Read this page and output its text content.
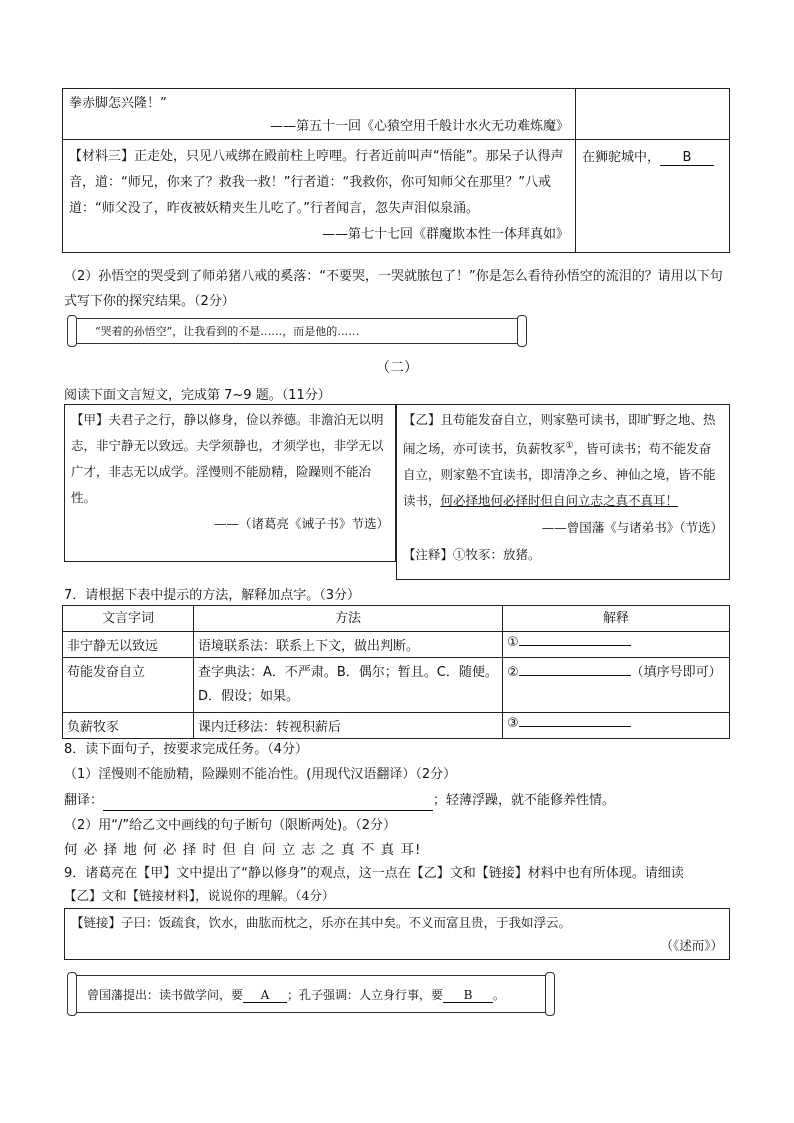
拳赤脚怎兴隆！”
——第五十一回《心猿空用千般计水火无功难炼魔》	

【材料三】正走处，只见八戒绑在殿前柱上哼哩。行者近前叫声“悟能”。那呆子认得声音，道：“师兄，你来了？救我一救！”行者道：“我救你，你可知师父在那里？”八戒道：“师父没了，昨夜被妖精夹生儿吃了。”行者闻言，忽失声泪似泉涌。
——第七十七回《群魔欺本性一体拜真如》	在狮驼城中， B
（2）孙悟空的哭受到了师弟猪八戒的奚落：“不要哭，一哭就脓包了！”你是怎么看待孙悟空的流泪的？请用以下句式写下你的探究结果。（2分）
“哭着的孙悟空”，让我看到的不是……，而是他的……
（二）
阅读下面文言短文，完成第 7~9 题。（11分）
【甲】夫君子之行，静以修身，俭以养德。非澹泊无以明志，非宁静无以致远。夫学须静也，才须学也，非学无以广才，非志无以成学。淫慢则不能励精，险躁则不能冶性。
——（诸葛亮《诫子书》节选）
【乙】且苟能发奋自立，则家塾可读书，即旷野之地、热闹之场，亦可读书，负薪牧豕①，皆可读书；苟不能发奋自立，则家塾不宜读书，即清净之乡、神仙之境，皆不能读书，何必择地何必择时但自问立志之真不真耳！
——曾国藩《与诸弟书》（节选）
【注释】①牧豕：放猪。
7．请根据下表中提示的方法，解释加点字。（3分）
文言字词	方法	解释
非宁静无以致远	语境联系法：联系上下文，做出判断。	①
苟能发奋自立	查字典法：A．不严肃。B．偶尔；暂且。C．随便。D．假设；如果。	② （填序号即可）
负薪牧豕	课内迁移法：转视积薪后	③
8．读下面句子，按要求完成任务。（4分）
（1）淫慢则不能励精，险躁则不能冶性。(用现代汉语翻译）（2分）
翻译：	；轻薄浮躁，就不能修养性情。
（2）用“/”给乙文中画线的句子断句（限断两处)。（2分）
何 必 择 地 何 必 择 时 但 自 问 立 志 之 真 不 真 耳!
9．诸葛亮在【甲】文中提出了“静以修身”的观点，这一点在【乙】文和【链接】材料中也有所体现。请细读
【乙】文和【链接材料】，说说你的理解。（4分）
【链接】子曰：饭疏食，饮水，曲肱而枕之，乐亦在其中矣。不义而富且贵，于我如浮云。
（《述而》）
曾国藩提出：读书做学问，要 A ；孔子强调：人立身行事，要 B 。
